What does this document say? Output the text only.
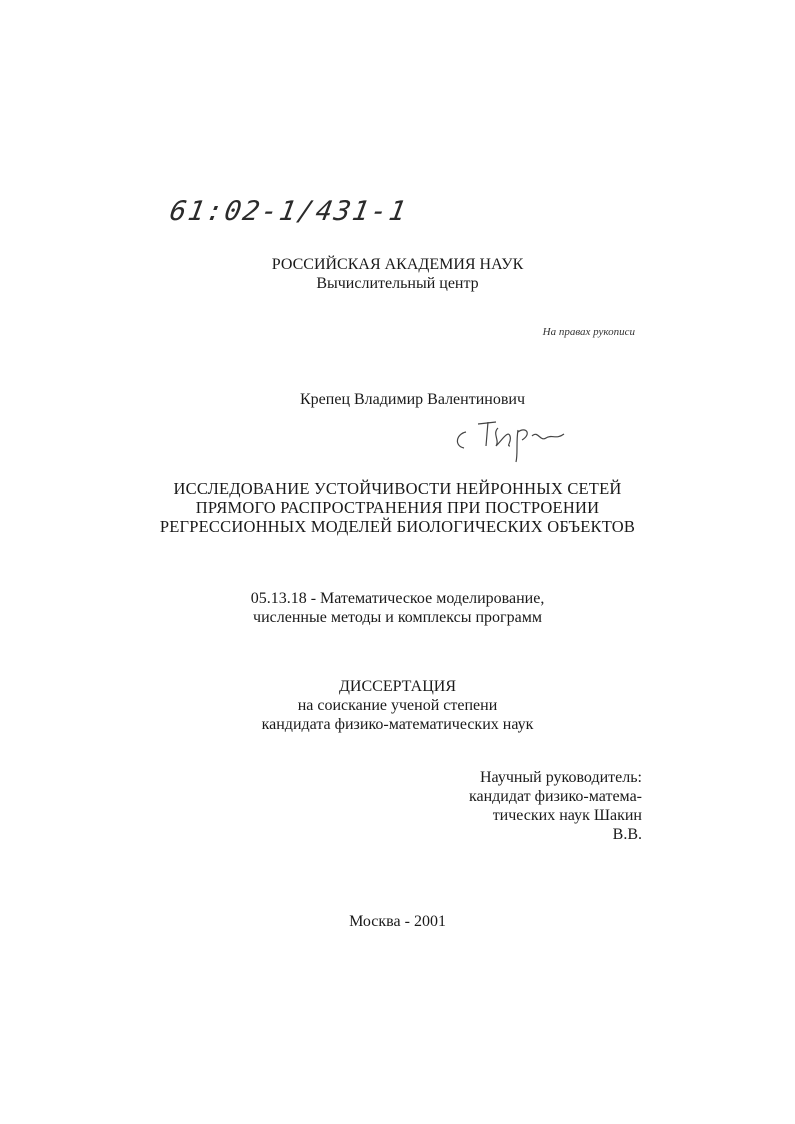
61:02-1/431-1
РОССИЙСКАЯ АКАДЕМИЯ НАУК
Вычислительный центр
На правах рукописи
Крепец Владимир Валентинович
ИССЛЕДОВАНИЕ УСТОЙЧИВОСТИ НЕЙРОННЫХ СЕТЕЙ
ПРЯМОГО РАСПРОСТРАНЕНИЯ ПРИ ПОСТРОЕНИИ
РЕГРЕССИОННЫХ МОДЕЛЕЙ БИОЛОГИЧЕСКИХ ОБЪЕКТОВ
05.13.18 - Математическое моделирование,
численные методы и комплексы программ
ДИССЕРТАЦИЯ
на соискание ученой степени
кандидата физико-математических наук
Научный руководитель:
кандидат физико-матема-
тических наук Шакин В.В.
Москва - 2001
